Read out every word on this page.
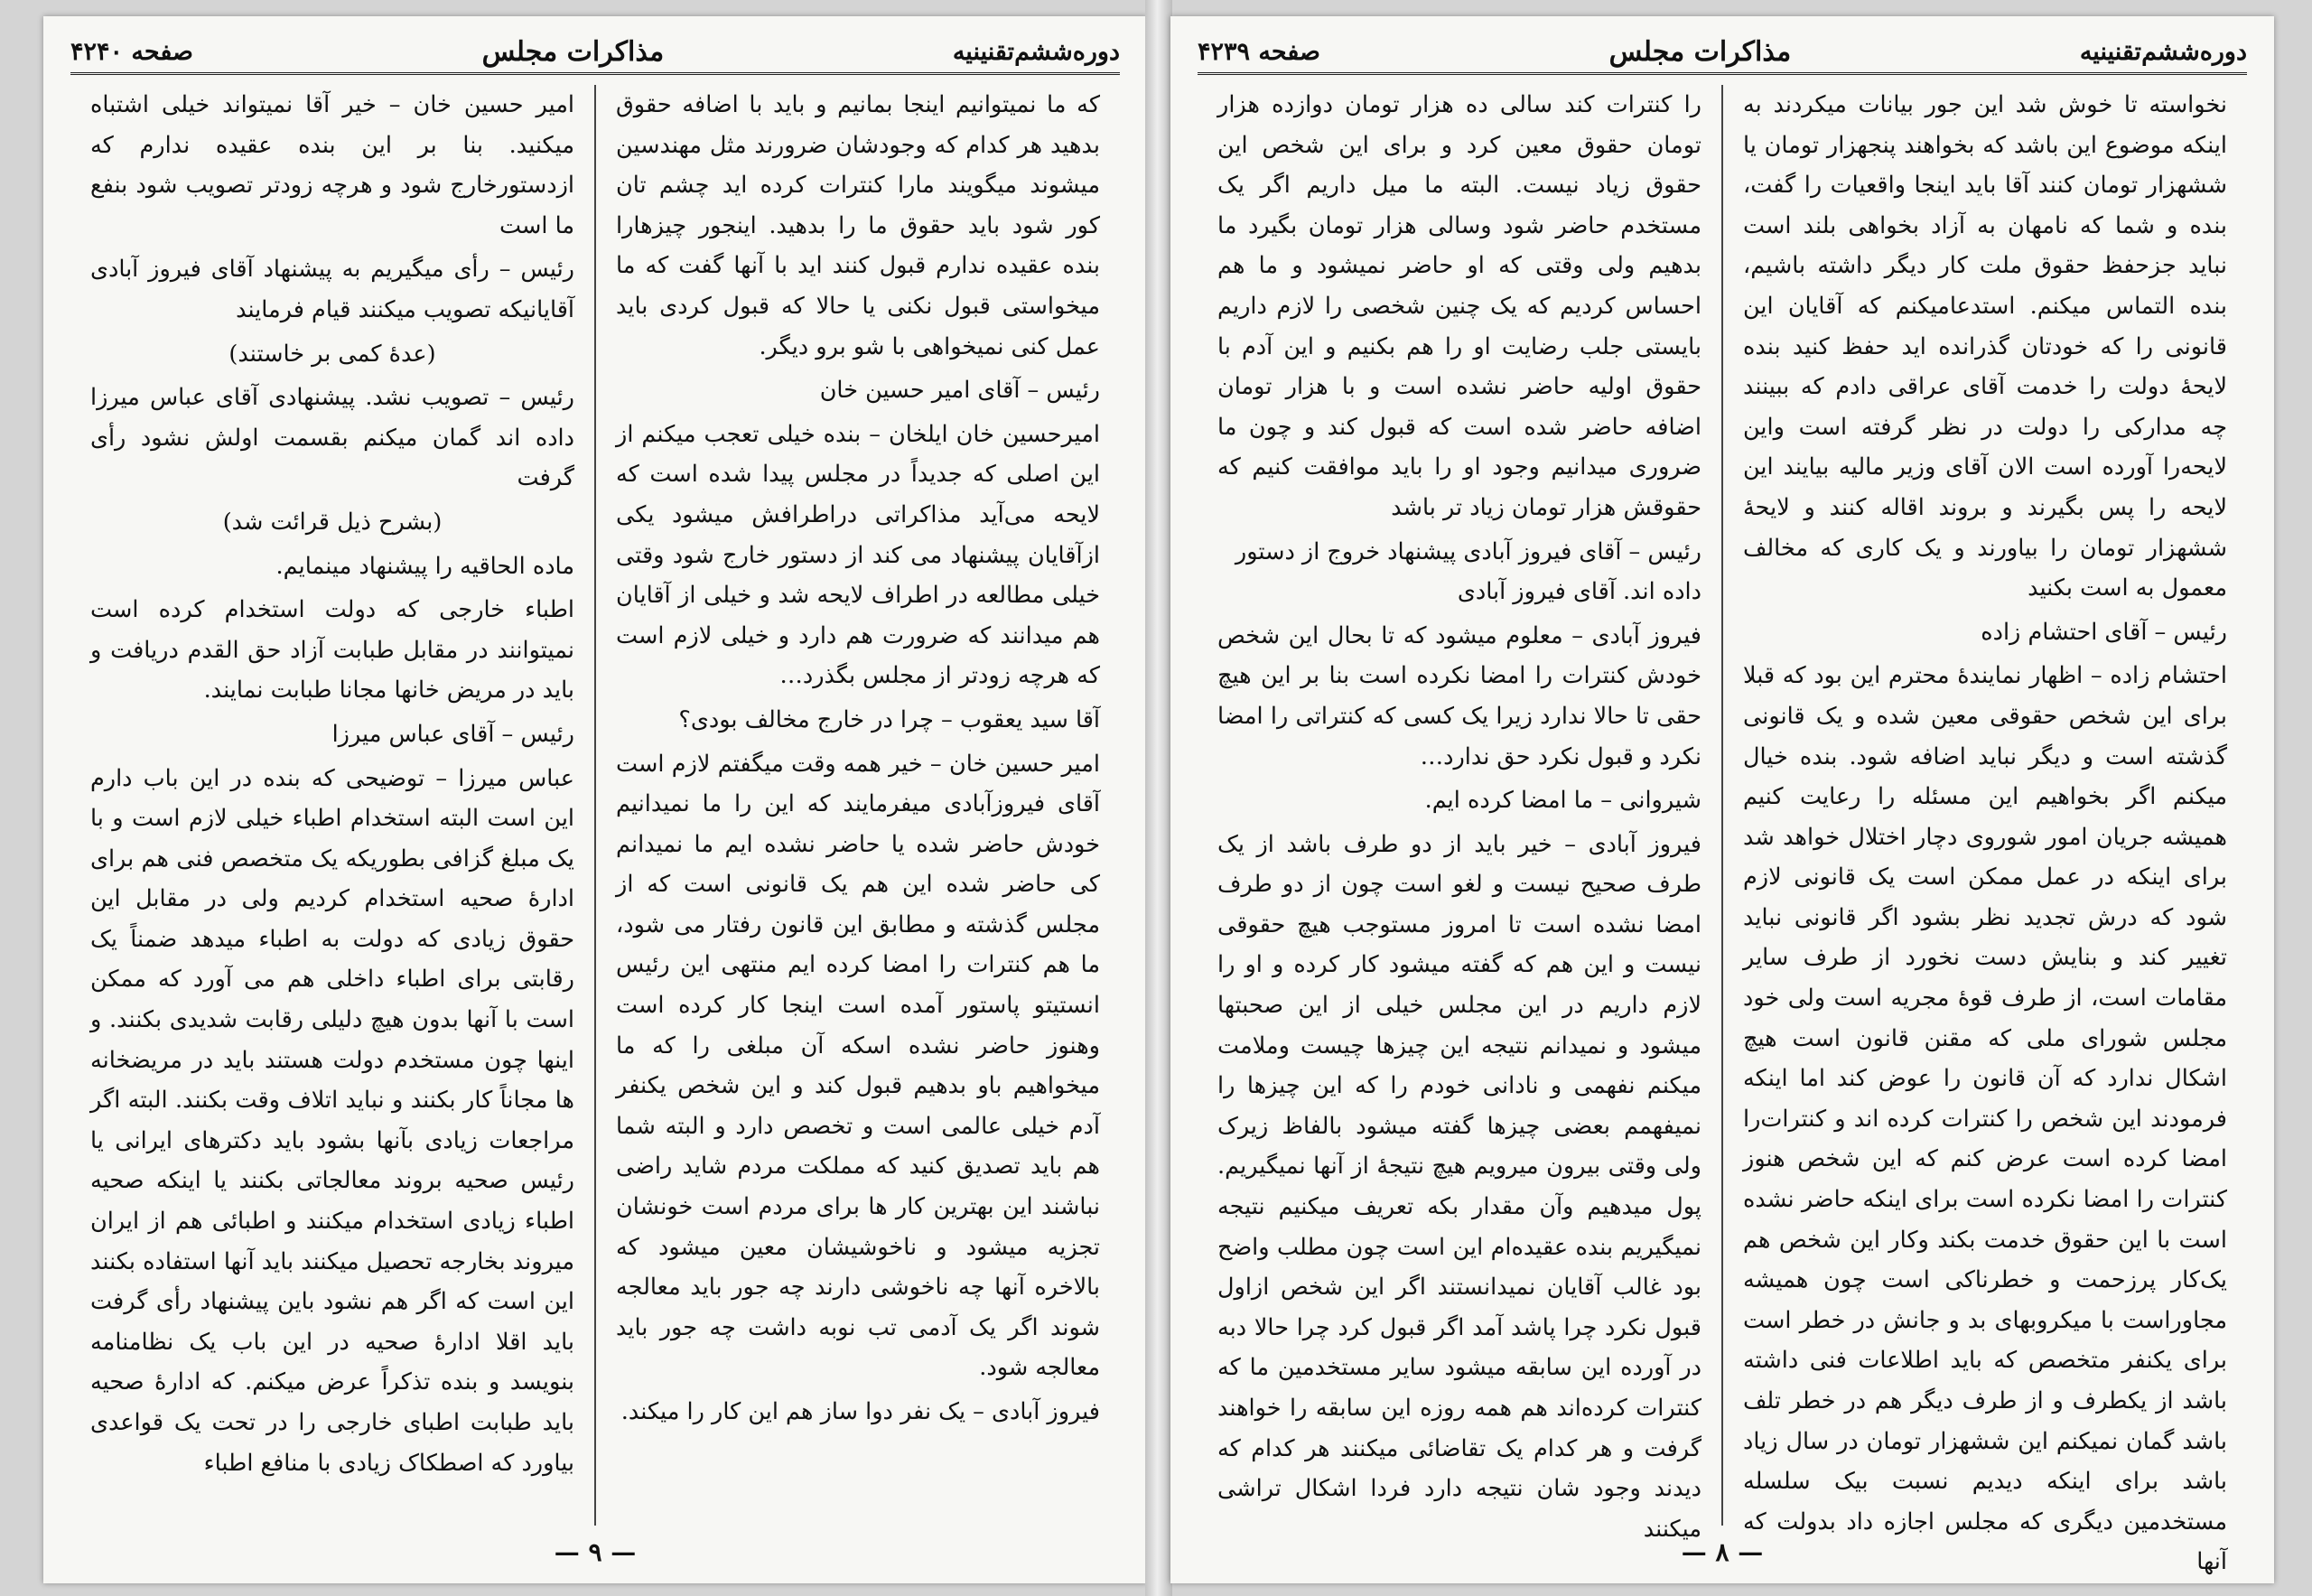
دوره‌ششم‌تقنینیه
مذاکرات مجلس
صفحه ۴۲۴۰

که ما نمیتوانیم اینجا بمانیم و باید با اضافه حقوق بدهید هر کدام که وجودشان ضرورند مثل مهندسین میشوند میگویند مارا کنترات کرده اید چشم تان کور شود باید حقوق ما را بدهید. اینجور چیزهارا بنده عقیده ندارم قبول کنند اید با آنها گفت که ما میخواستی قبول نکنی یا حالا که قبول کردی باید عمل کنی نمیخواهی با شو برو دیگر.

رئیس – آقای امیر حسین خان

امیرحسین خان ایلخان – بنده خیلی تعجب میکنم از این اصلی که جدیداً در مجلس پیدا شده است که لایحه می‌آید مذاکراتی دراطرافش میشود یکی ازآقایان پیشنهاد می کند از دستور خارج شود وقتی خیلی مطالعه در اطراف لایحه شد و خیلی از آقایان هم میدانند که ضرورت هم دارد و خیلی لازم است که هرچه زودتر از مجلس بگذرد…

آقا سید یعقوب – چرا در خارج مخالف بودی؟

امیر حسین خان – خیر همه وقت میگفتم لازم است آقای فیروزآبادی میفرمایند که این را ما نمیدانیم خودش حاضر شده یا حاضر نشده ایم ما نمیدانم کی حاضر شده این هم یک قانونی است که از مجلس گذشته و مطابق این قانون رفتار می شود، ما هم کنترات را امضا کرده ایم منتهی این رئیس انستیتو پاستور آمده است اینجا کار کرده است وهنوز حاضر نشده اسکه آن مبلغی را که ما میخواهیم باو بدهیم قبول کند و این شخص یکنفر آدم خیلی عالمی است و تخصص دارد و البته شما هم باید تصدیق کنید که مملکت مردم شاید راضی نباشند این بهترین کار ها برای مردم است خونشان تجزیه میشود و ناخوشیشان معین میشود که بالاخره آنها چه ناخوشی دارند چه جور باید معالجه شوند اگر یک آدمی تب نوبه داشت چه جور باید معالجه شود.

فیروز آبادی – یک نفر دوا ساز هم این کار را میکند.

امیر حسین خان – خیر آقا نمیتواند خیلی اشتباه میکنید. بنا بر این بنده عقیده ندارم که ازدستورخارج شود و هرچه زودتر تصویب شود بنفع ما است

رئیس – رأی میگیریم به پیشنهاد آقای فیروز آبادی آقایانیکه تصویب میکنند قیام فرمایند

(عدهٔ کمی بر خاستند)

رئیس – تصویب نشد. پیشنهادی آقای عباس میرزا داده اند گمان میکنم بقسمت اولش نشود رأی گرفت

(بشرح ذیل قرائت شد)

ماده الحاقیه را پیشنهاد مینمایم.

اطباء خارجی که دولت استخدام کرده است نمیتوانند در مقابل طبابت آزاد حق القدم دریافت و باید در مریض خانها مجانا طبابت نمایند.

رئیس – آقای عباس میرزا

عباس میرزا – توضیحی که بنده در این باب دارم این است البته استخدام اطباء خیلی لازم است و با یک مبلغ گزافی بطوریکه یک متخصص فنی هم برای ادارهٔ صحیه استخدام کردیم ولی در مقابل این حقوق زیادی که دولت به اطباء میدهد ضمناً یک رقابتی برای اطباء داخلی هم می آورد که ممکن است با آنها بدون هیچ دلیلی رقابت شدیدی بکنند. و اینها چون مستخدم دولت هستند باید در مریضخانه ها مجاناً کار بکنند و نباید اتلاف وقت بکنند. البته اگر مراجعات زیادی بآنها بشود باید دکترهای ایرانی یا رئیس صحیه بروند معالجاتی بکنند یا اینکه صحیه اطباء زیادی استخدام میکنند و اطبائی هم از ایران میروند بخارجه تحصیل میکنند باید آنها استفاده بکنند این است که اگر هم نشود باین پیشنهاد رأی گرفت باید اقلا ادارهٔ صحیه در این باب یک نظامنامه بنویسد و بنده تذکراً عرض میکنم. که ادارهٔ صحیه باید طبابت اطبای خارجی را در تحت یک قواعدی بیاورد که اصطکاک زیادی با منافع اطباء

— ۹ —
دوره‌ششم‌تقنینیه
مذاکرات مجلس
صفحه ۴۲۳۹

نخواسته تا خوش شد این جور بیانات میکردند به اینکه موضوع این باشد که بخواهند پنجهزار تومان یا ششهزار تومان کنند آقا باید اینجا واقعیات را گفت، بنده و شما که نامهان به آزاد بخواهی بلند است نباید جزحفظ حقوق ملت کار دیگر داشته باشیم، بنده التماس میکنم. استدعامیکنم که آقایان این قانونی را که خودتان گذرانده اید حفظ کنید بنده لایحهٔ دولت را خدمت آقای عراقی دادم که ببینند چه مدارکی را دولت در نظر گرفته است واین لایحه‌را آورده است الان آقای وزیر مالیه بیایند این لایحه را پس بگیرند و بروند اقاله کنند و لایحهٔ ششهزار تومان را بیاورند و یک کاری که مخالف معمول به است بکنید

رئیس – آقای احتشام زاده

احتشام زاده – اظهار نمایندهٔ محترم این بود که قبلا برای این شخص حقوقی معین شده و یک قانونی گذشته است و دیگر نباید اضافه شود. بنده خیال میکنم اگر بخواهیم این مسئله را رعایت کنیم همیشه جریان امور شوروی دچار اختلال خواهد شد برای اینکه در عمل ممکن است یک قانونی لازم شود که درش تجدید نظر بشود اگر قانونی نباید تغییر کند و بنایش دست نخورد از طرف سایر مقامات است، از طرف قوهٔ مجریه است ولی خود مجلس شورای ملی که مقنن قانون است هیچ اشکال ندارد که آن قانون را عوض کند اما اینکه فرمودند این شخص را کنترات کرده اند و کنترات‌را امضا کرده است عرض کنم که این شخص هنوز کنترات را امضا نکرده است برای اینکه حاضر نشده است با این حقوق خدمت بکند وکار این شخص هم یک‌کار پرزحمت و خطرناکی است چون همیشه مجاوراست با میکروبهای بد و جانش در خطر است برای یکنفر متخصص که باید اطلاعات فنی داشته باشد از یکطرف و از طرف دیگر هم در خطر تلف باشد گمان نمیکنم این ششهزار تومان در سال زیاد باشد برای اینکه دیدیم نسبت بیک سلسله مستخدمین دیگری که مجلس اجازه داد بدولت که آنها

را کنترات کند سالی ده هزار تومان دوازده هزار تومان حقوق معین کرد و برای این شخص این حقوق زیاد نیست. البته ما میل داریم اگر یک مستخدم حاضر شود وسالی هزار تومان بگیرد ما بدهیم ولی وقتی که او حاضر نمیشود و ما هم احساس کردیم که یک چنین شخصی را لازم داریم بایستی جلب رضایت او را هم بکنیم و این آدم با حقوق اولیه حاضر نشده است و با هزار تومان اضافه حاضر شده است که قبول کند و چون ما ضروری میدانیم وجود او را باید موافقت کنیم که حقوقش هزار تومان زیاد تر باشد

رئیس – آقای فیروز آبادی پیشنهاد خروج از دستور داده اند. آقای فیروز آبادی

فیروز آبادی – معلوم میشود که تا بحال این شخص خودش کنترات را امضا نکرده است بنا بر این هیچ حقی تا حالا ندارد زیرا یک کسی که کنتراتی را امضا نکرد و قبول نکرد حق ندارد…

شیروانی – ما امضا کرده ایم.

فیروز آبادی – خیر باید از دو طرف باشد از یک طرف صحیح نیست و لغو است چون از دو طرف امضا نشده است تا امروز مستوجب هیچ حقوقی نیست و این هم که گفته میشود کار کرده و او را لازم داریم در این مجلس خیلی از این صحبتها میشود و نمیدانم نتیجه این چیزها چیست وملامت میکنم نفهمی و نادانی خودم را که این چیزها را نمیفهمم بعضی چیزها گفته میشود بالفاظ زیرک ولی وقتی بیرون میرویم هیچ نتیجهٔ از آنها نمیگیریم. پول میدهیم وآن مقدار بکه تعریف میکنیم نتیجه نمیگیریم بنده عقیده‌ام این است چون مطلب واضح بود غالب آقایان نمیدانستند اگر این شخص ازاول قبول نکرد چرا پاشد آمد اگر قبول کرد چرا حالا دبه در آورده این سابقه میشود سایر مستخدمین ما که کنترات کرده‌اند هم همه روزه این سابقه را خواهند گرفت و هر کدام یک تقاضائی میکنند هر کدام که دیدند وجود شان نتیجه دارد فردا اشکال تراشی میکنند

— ۸ —
